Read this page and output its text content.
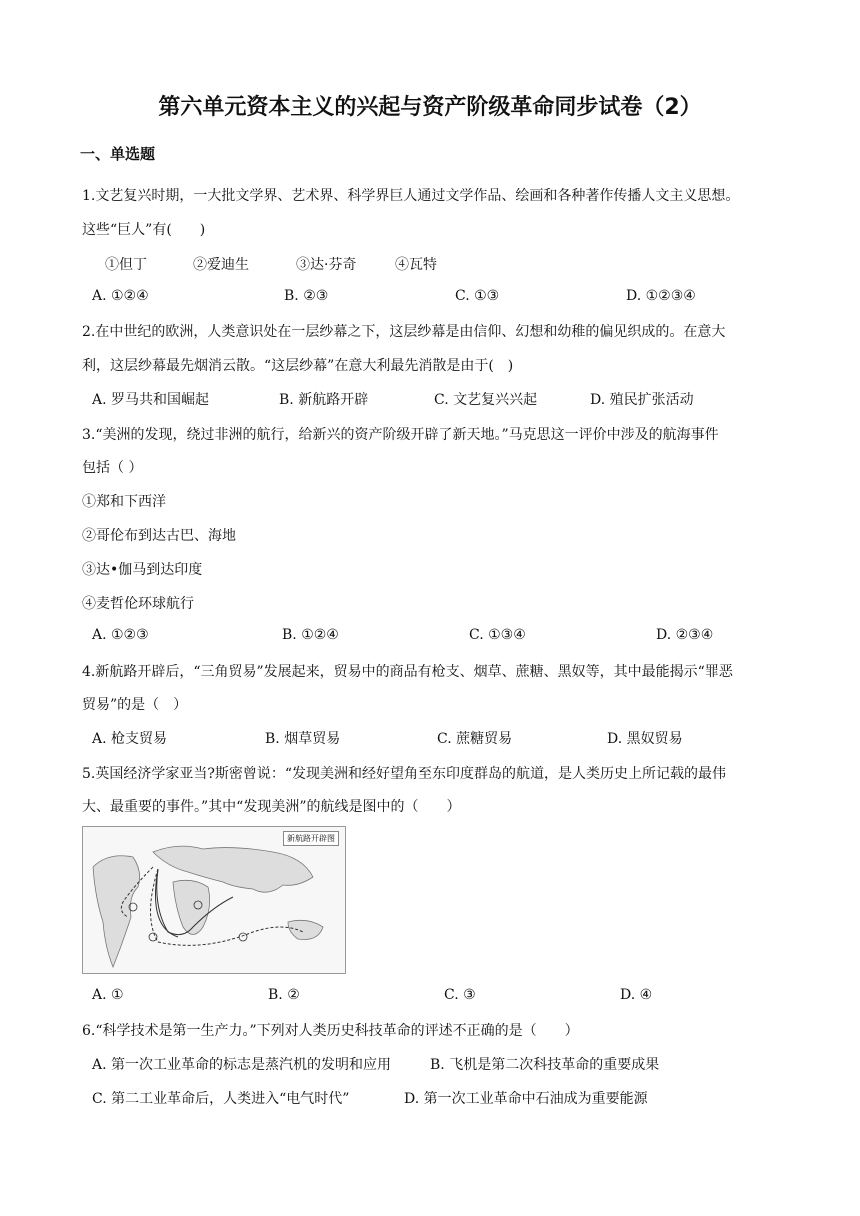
第六单元资本主义的兴起与资产阶级革命同步试卷（2）
一、单选题
1.文艺复兴时期，一大批文学界、艺术界、科学界巨人通过文学作品、绘画和各种著作传播人文主义思想。
这些“巨人”有(　　)
①但丁	②爱迪生	③达·芬奇	④瓦特
A. ①②④	B. ②③	C. ①③	D. ①②③④
2.在中世纪的欧洲，人类意识处在一层纱幕之下，这层纱幕是由信仰、幻想和幼稚的偏见织成的。在意大
利，这层纱幕最先烟消云散。“这层纱幕”在意大利最先消散是由于(　)
A. 罗马共和国崛起	B. 新航路开辟	C. 文艺复兴兴起	D. 殖民扩张活动
3.“美洲的发现，绕过非洲的航行，给新兴的资产阶级开辟了新天地。”马克思这一评价中涉及的航海事件
包括（ ）
①郑和下西洋
②哥伦布到达古巴、海地
③达•伽马到达印度
④麦哲伦环球航行
A. ①②③	B. ①②④	C. ①③④	D. ②③④
4.新航路开辟后，“三角贸易”发展起来，贸易中的商品有枪支、烟草、蔗糖、黑奴等，其中最能揭示“罪恶
贸易”的是（　）
A. 枪支贸易	B. 烟草贸易	C. 蔗糖贸易	D. 黑奴贸易
5.英国经济学家亚当?斯密曾说：“发现美洲和经好望角至东印度群岛的航道，是人类历史上所记载的最伟
大、最重要的事件。”其中“发现美洲”的航线是图中的（　　）
新航路开辟图
A. ①	B. ②	C. ③	D. ④
6.“科学技术是第一生产力。”下列对人类历史科技革命的评述不正确的是（　　）
A. 第一次工业革命的标志是蒸汽机的发明和应用	B. 飞机是第二次科技革命的重要成果
C. 第二工业革命后，人类进入“电气时代”	D. 第一次工业革命中石油成为重要能源
